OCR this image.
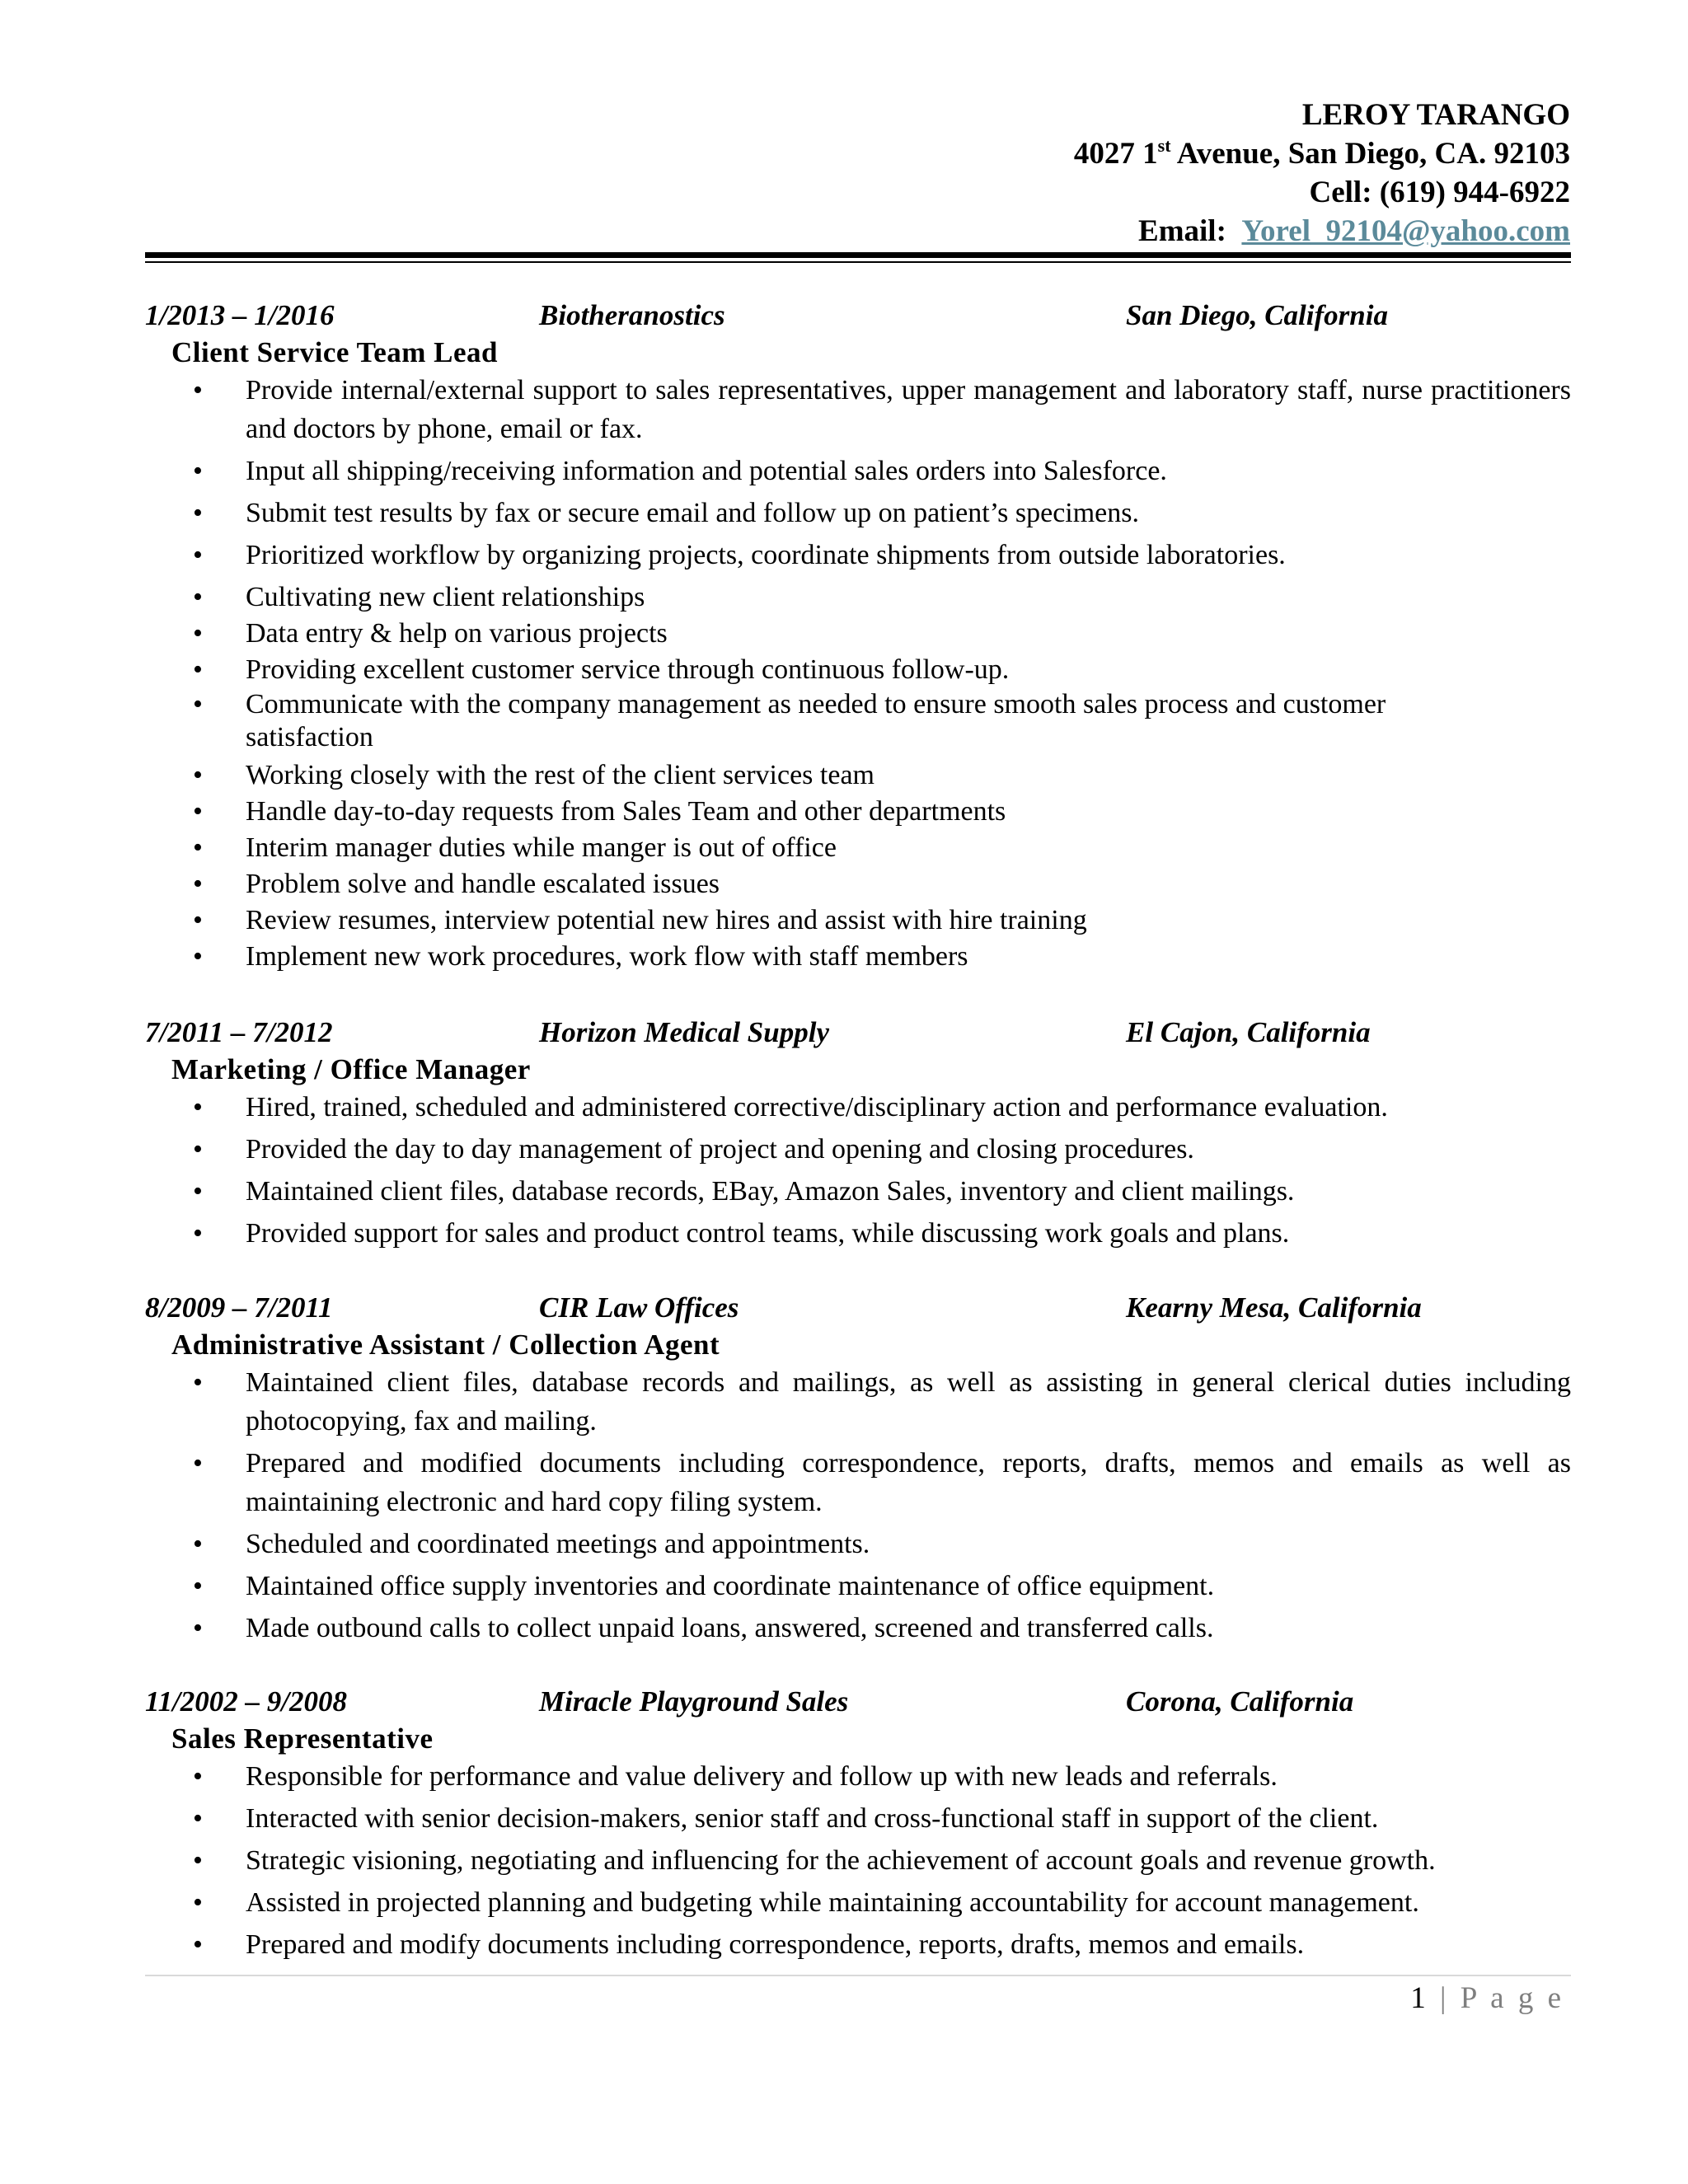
LEROY TARANGO
4027 1st Avenue, San Diego, CA. 92103
Cell: (619) 944-6922
Email: Yorel_92104@yahoo.com
1/2013 – 1/2016	Biotheranostics	San Diego, California
Client Service Team Lead
• Provide internal/external support to sales representatives, upper management and laboratory staff, nurse practitioners and doctors by phone, email or fax.
• Input all shipping/receiving information and potential sales orders into Salesforce.
• Submit test results by fax or secure email and follow up on patient’s specimens.
• Prioritized workflow by organizing projects, coordinate shipments from outside laboratories.
• Cultivating new client relationships
• Data entry & help on various projects
• Providing excellent customer service through continuous follow-up.
• Communicate with the company management as needed to ensure smooth sales process and customer satisfaction
• Working closely with the rest of the client services team
• Handle day-to-day requests from Sales Team and other departments
• Interim manager duties while manger is out of office
• Problem solve and handle escalated issues
• Review resumes, interview potential new hires and assist with hire training
• Implement new work procedures, work flow with staff members
7/2011 – 7/2012	Horizon Medical Supply	El Cajon, California
Marketing / Office Manager
• Hired, trained, scheduled and administered corrective/disciplinary action and performance evaluation.
• Provided the day to day management of project and opening and closing procedures.
• Maintained client files, database records, EBay, Amazon Sales, inventory and client mailings.
• Provided support for sales and product control teams, while discussing work goals and plans.
8/2009 – 7/2011	CIR Law Offices	Kearny Mesa, California
Administrative Assistant / Collection Agent
• Maintained client files, database records and mailings, as well as assisting in general clerical duties including photocopying, fax and mailing.
• Prepared and modified documents including correspondence, reports, drafts, memos and emails as well as maintaining electronic and hard copy filing system.
• Scheduled and coordinated meetings and appointments.
• Maintained office supply inventories and coordinate maintenance of office equipment.
• Made outbound calls to collect unpaid loans, answered, screened and transferred calls.
11/2002 – 9/2008	Miracle Playground Sales	Corona, California
Sales Representative
• Responsible for performance and value delivery and follow up with new leads and referrals.
• Interacted with senior decision-makers, senior staff and cross-functional staff in support of the client.
• Strategic visioning, negotiating and influencing for the achievement of account goals and revenue growth.
• Assisted in projected planning and budgeting while maintaining accountability for account management.
• Prepared and modify documents including correspondence, reports, drafts, memos and emails.
1 | P a g e
